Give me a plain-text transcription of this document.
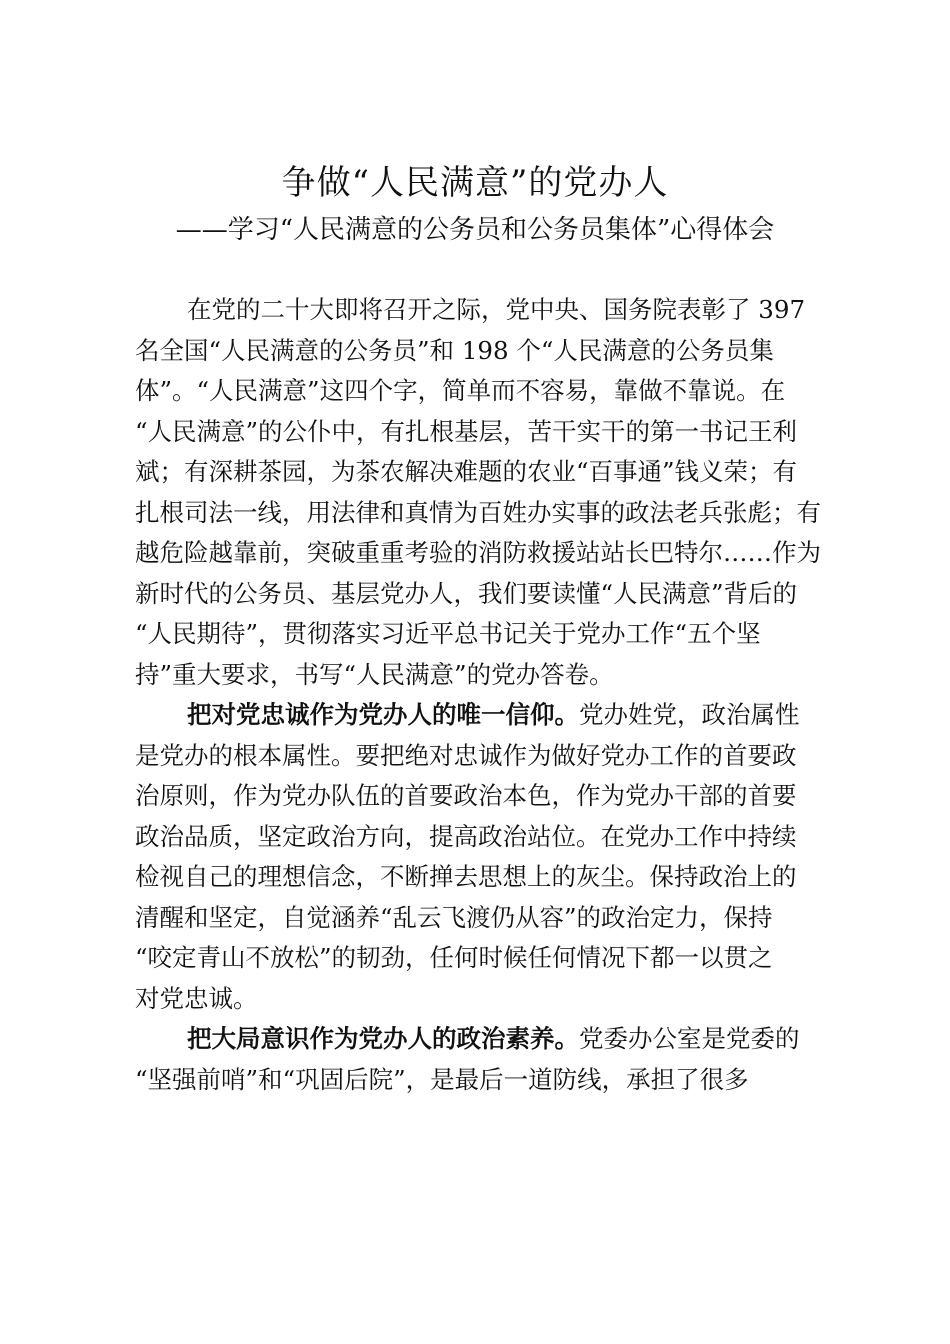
争做“人民满意”的党办人
——学习“人民满意的公务员和公务员集体”心得体会
在党的二十大即将召开之际，党中央、国务院表彰了 397
名全国“人民满意的公务员”和 198 个“人民满意的公务员集
体”。“人民满意”这四个字，简单而不容易，靠做不靠说。在
“人民满意”的公仆中，有扎根基层，苦干实干的第一书记王利
斌；有深耕茶园，为茶农解决难题的农业“百事通”钱义荣；有
扎根司法一线，用法律和真情为百姓办实事的政法老兵张彪；有
越危险越靠前，突破重重考验的消防救援站站长巴特尔……作为
新时代的公务员、基层党办人，我们要读懂“人民满意”背后的
“人民期待”，贯彻落实习近平总书记关于党办工作“五个坚
持”重大要求，书写“人民满意”的党办答卷。
把对党忠诚作为党办人的唯一信仰。党办姓党，政治属性
是党办的根本属性。要把绝对忠诚作为做好党办工作的首要政
治原则，作为党办队伍的首要政治本色，作为党办干部的首要
政治品质，坚定政治方向，提高政治站位。在党办工作中持续
检视自己的理想信念，不断掸去思想上的灰尘。保持政治上的
清醒和坚定，自觉涵养“乱云飞渡仍从容”的政治定力，保持
“咬定青山不放松”的韧劲，任何时候任何情况下都一以贯之
对党忠诚。
把大局意识作为党办人的政治素养。党委办公室是党委的
“坚强前哨”和“巩固后院”，是最后一道防线，承担了很多
